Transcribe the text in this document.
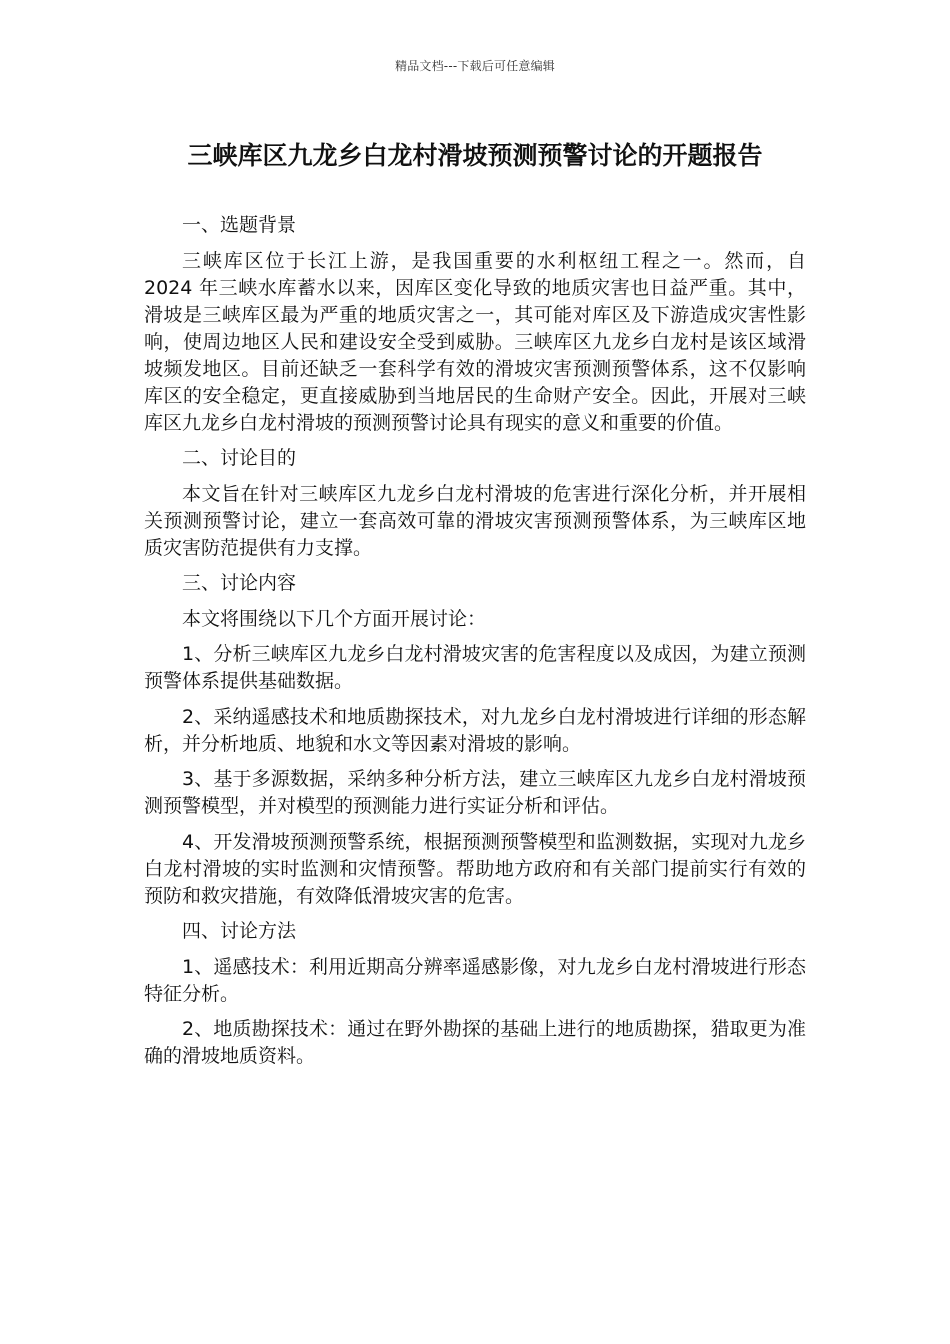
精品文档---下载后可任意编辑
三峡库区九龙乡白龙村滑坡预测预警讨论的开题报告

一、选题背景

三峡库区位于长江上游，是我国重要的水利枢纽工程之一。然而，自 2024 年三峡水库蓄水以来，因库区变化导致的地质灾害也日益严重。其中，滑坡是三峡库区最为严重的地质灾害之一，其可能对库区及下游造成灾害性影响，使周边地区人民和建设安全受到威胁。三峡库区九龙乡白龙村是该区域滑坡频发地区。目前还缺乏一套科学有效的滑坡灾害预测预警体系，这不仅影响库区的安全稳定，更直接威胁到当地居民的生命财产安全。因此，开展对三峡库区九龙乡白龙村滑坡的预测预警讨论具有现实的意义和重要的价值。

二、讨论目的

本文旨在针对三峡库区九龙乡白龙村滑坡的危害进行深化分析，并开展相关预测预警讨论，建立一套高效可靠的滑坡灾害预测预警体系，为三峡库区地质灾害防范提供有力支撑。

三、讨论内容

本文将围绕以下几个方面开展讨论：

1、分析三峡库区九龙乡白龙村滑坡灾害的危害程度以及成因，为建立预测预警体系提供基础数据。

2、采纳遥感技术和地质勘探技术，对九龙乡白龙村滑坡进行详细的形态解析，并分析地质、地貌和水文等因素对滑坡的影响。

3、基于多源数据，采纳多种分析方法，建立三峡库区九龙乡白龙村滑坡预测预警模型，并对模型的预测能力进行实证分析和评估。

4、开发滑坡预测预警系统，根据预测预警模型和监测数据，实现对九龙乡白龙村滑坡的实时监测和灾情预警。帮助地方政府和有关部门提前实行有效的预防和救灾措施，有效降低滑坡灾害的危害。

四、讨论方法

1、遥感技术：利用近期高分辨率遥感影像，对九龙乡白龙村滑坡进行形态特征分析。

2、地质勘探技术：通过在野外勘探的基础上进行的地质勘探，猎取更为准确的滑坡地质资料。
